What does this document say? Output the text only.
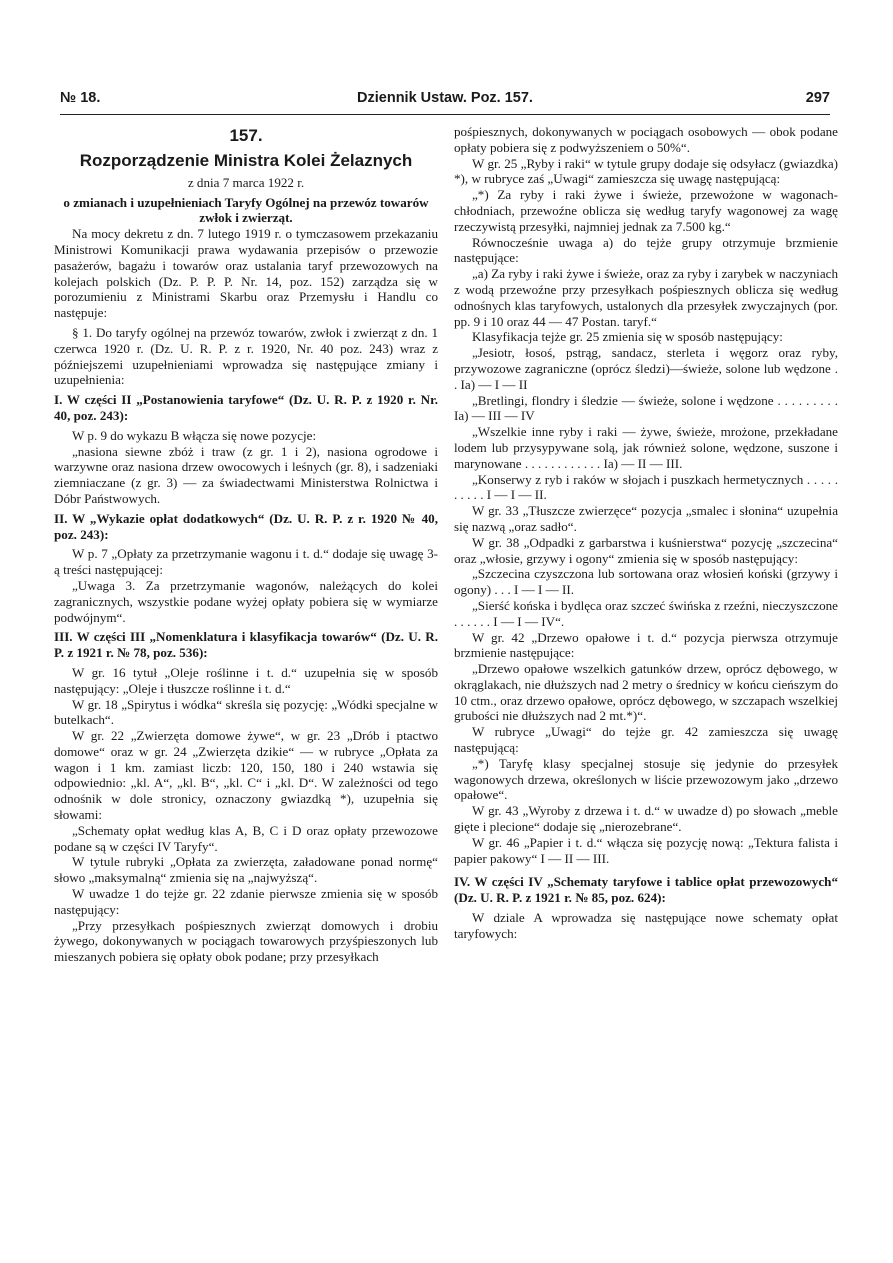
№ 18.	Dziennik Ustaw. Poz. 157.	297
157.
Rozporządzenie Ministra Kolei Żelaznych
z dnia 7 marca 1922 r.

o zmianach i uzupełnieniach Taryfy Ogólnej na przewóz towarów zwłok i zwierząt.

Na mocy dekretu z dn. 7 lutego 1919 r. o tymczasowem przekazaniu Ministrowi Komunikacji prawa wydawania przepisów o przewozie pasażerów, bagażu i towarów oraz ustalania taryf przewozowych na kolejach polskich (Dz. P. P. P. Nr. 14, poz. 152) zarządza się w porozumieniu z Ministrami Skarbu oraz Przemysłu i Handlu co następuje:

§ 1. Do taryfy ogólnej na przewóz towarów, zwłok i zwierząt z dn. 1 czerwca 1920 r. (Dz. U. R. P. z r. 1920, Nr. 40 poz. 243) wraz z późniejszemi uzupełnieniami wprowadza się następujące zmiany i uzupełnienia:

I. W części II „Postanowienia taryfowe“ (Dz. U. R. P. z 1920 r. Nr. 40, poz. 243):

W p. 9 do wykazu B włącza się nowe pozycje:

„nasiona siewne zbóż i traw (z gr. 1 i 2), nasiona ogrodowe i warzywne oraz nasiona drzew owocowych i leśnych (gr. 8), i sadzeniaki ziemniaczane (z gr. 3) — za świadectwami Ministerstwa Rolnictwa i Dóbr Państwowych.

II. W „Wykazie opłat dodatkowych“ (Dz. U. R. P. z r. 1920 № 40, poz. 243):

W p. 7 „Opłaty za przetrzymanie wagonu i t. d.“ dodaje się uwagę 3-ą treści następującej:

„Uwaga 3. Za przetrzymanie wagonów, należących do kolei zagranicznych, wszystkie podane wyżej opłaty pobiera się w wymiarze podwójnym“.

III. W części III „Nomenklatura i klasyfikacja towarów“ (Dz. U. R. P. z 1921 r. № 78, poz. 536):

W gr. 16 tytuł „Oleje roślinne i t. d.“ uzupełnia się w sposób następujący: „Oleje i tłuszcze roślinne i t. d.“

W gr. 18 „Spirytus i wódka“ skreśla się pozycję: „Wódki specjalne w butelkach“.

W gr. 22 „Zwierzęta domowe żywe“, w gr. 23 „Drób i ptactwo domowe“ oraz w gr. 24 „Zwierzęta dzikie“ — w rubryce „Opłata za wagon i 1 km. zamiast liczb: 120, 150, 180 i 240 wstawia się odpowiednio: „kl. A“, „kl. B“, „kl. C“ i „kl. D“. W zależności od tego odnośnik w dole stronicy, oznaczony gwiazdką *), uzupełnia się słowami:

„Schematy opłat według klas A, B, C i D oraz opłaty przewozowe podane są w części IV Taryfy“.

W tytule rubryki „Opłata za zwierzęta, załadowane ponad normę“ słowo „maksymalną“ zmienia się na „najwyższą“.

W uwadze 1 do tejże gr. 22 zdanie pierwsze zmienia się w sposób następujący:

„Przy przesyłkach pośpiesznych zwierząt domowych i drobiu żywego, dokonywanych w pociągach towarowych przyśpieszonych lub mieszanych pobiera się opłaty obok podane; przy przesyłkach

pośpiesznych, dokonywanych w pociągach osobowych — obok podane opłaty pobiera się z podwyższeniem o 50%“.

W gr. 25 „Ryby i raki“ w tytule grupy dodaje się odsyłacz (gwiazdka) *), w rubryce zaś „Uwagi“ zamieszcza się uwagę następującą:

„*) Za ryby i raki żywe i świeże, przewożone w wagonach-chłodniach, przewoźne oblicza się według taryfy wagonowej za wagę rzeczywistą przesyłki, najmniej jednak za 7.500 kg.“

Równocześnie uwaga a) do tejże grupy otrzymuje brzmienie następujące:

„a) Za ryby i raki żywe i świeże, oraz za ryby i zarybek w naczyniach z wodą przewoźne przy przesyłkach pośpiesznych oblicza się według odnośnych klas taryfowych, ustalonych dla przesyłek zwyczajnych (por. pp. 9 i 10 oraz 44 — 47 Postan. taryf.“

Klasyfikacja tejże gr. 25 zmienia się w sposób następujący:

„Jesiotr, łosoś, pstrąg, sandacz, sterleta i węgorz oraz ryby, przywozowe zagraniczne (oprócz śledzi)—świeże, solone lub wędzone . . Ia) — I — II

„Bretlingi, flondry i śledzie — świeże, solone i wędzone . . . . . . . . . Ia) — III — IV

„Wszelkie inne ryby i raki — żywe, świeże, mrożone, przekładane lodem lub przysypywane solą, jak również solone, wędzone, suszone i marynowane . . . . . . . . . . . . Ia) — II — III.

„Konserwy z ryb i raków w słojach i puszkach hermetycznych . . . . . . . . . . I — I — II.

W gr. 33 „Tłuszcze zwierzęce“ pozycja „smalec i słonina“ uzupełnia się nazwą „oraz sadło“.

W gr. 38 „Odpadki z garbarstwa i kuśnierstwa“ pozycję „szczecina“ oraz „włosie, grzywy i ogony“ zmienia się w sposób następujący:

„Szczecina czyszczona lub sortowana oraz włosień koński (grzywy i ogony) . . . I — I — II.

„Sierść końska i bydlęca oraz szczeć świńska z rzeźni, nieczyszczone . . . . . . I — I — IV“.

W gr. 42 „Drzewo opałowe i t. d.“ pozycja pierwsza otrzymuje brzmienie następujące:

„Drzewo opałowe wszelkich gatunków drzew, oprócz dębowego, w okrąglakach, nie dłuższych nad 2 metry o średnicy w końcu cieńszym do 10 ctm., oraz drzewo opałowe, oprócz dębowego, w szczapach wszelkiej grubości nie dłuższych nad 2 mt.*)“.

W rubryce „Uwagi“ do tejże gr. 42 zamieszcza się uwagę następującą:

„*) Taryfę klasy specjalnej stosuje się jedynie do przesyłek wagonowych drzewa, określonych w liście przewozowym jako „drzewo opałowe“.

W gr. 43 „Wyroby z drzewa i t. d.“ w uwadze d) po słowach „meble gięte i plecione“ dodaje się „nierozebrane“.

W gr. 46 „Papier i t. d.“ włącza się pozycję nową: „Tektura falista i papier pakowy“ I — II — III.

IV. W części IV „Schematy taryfowe i tablice opłat przewozowych“ (Dz. U. R. P. z 1921 r. № 85, poz. 624):

W dziale A wprowadza się następujące nowe schematy opłat taryfowych:
